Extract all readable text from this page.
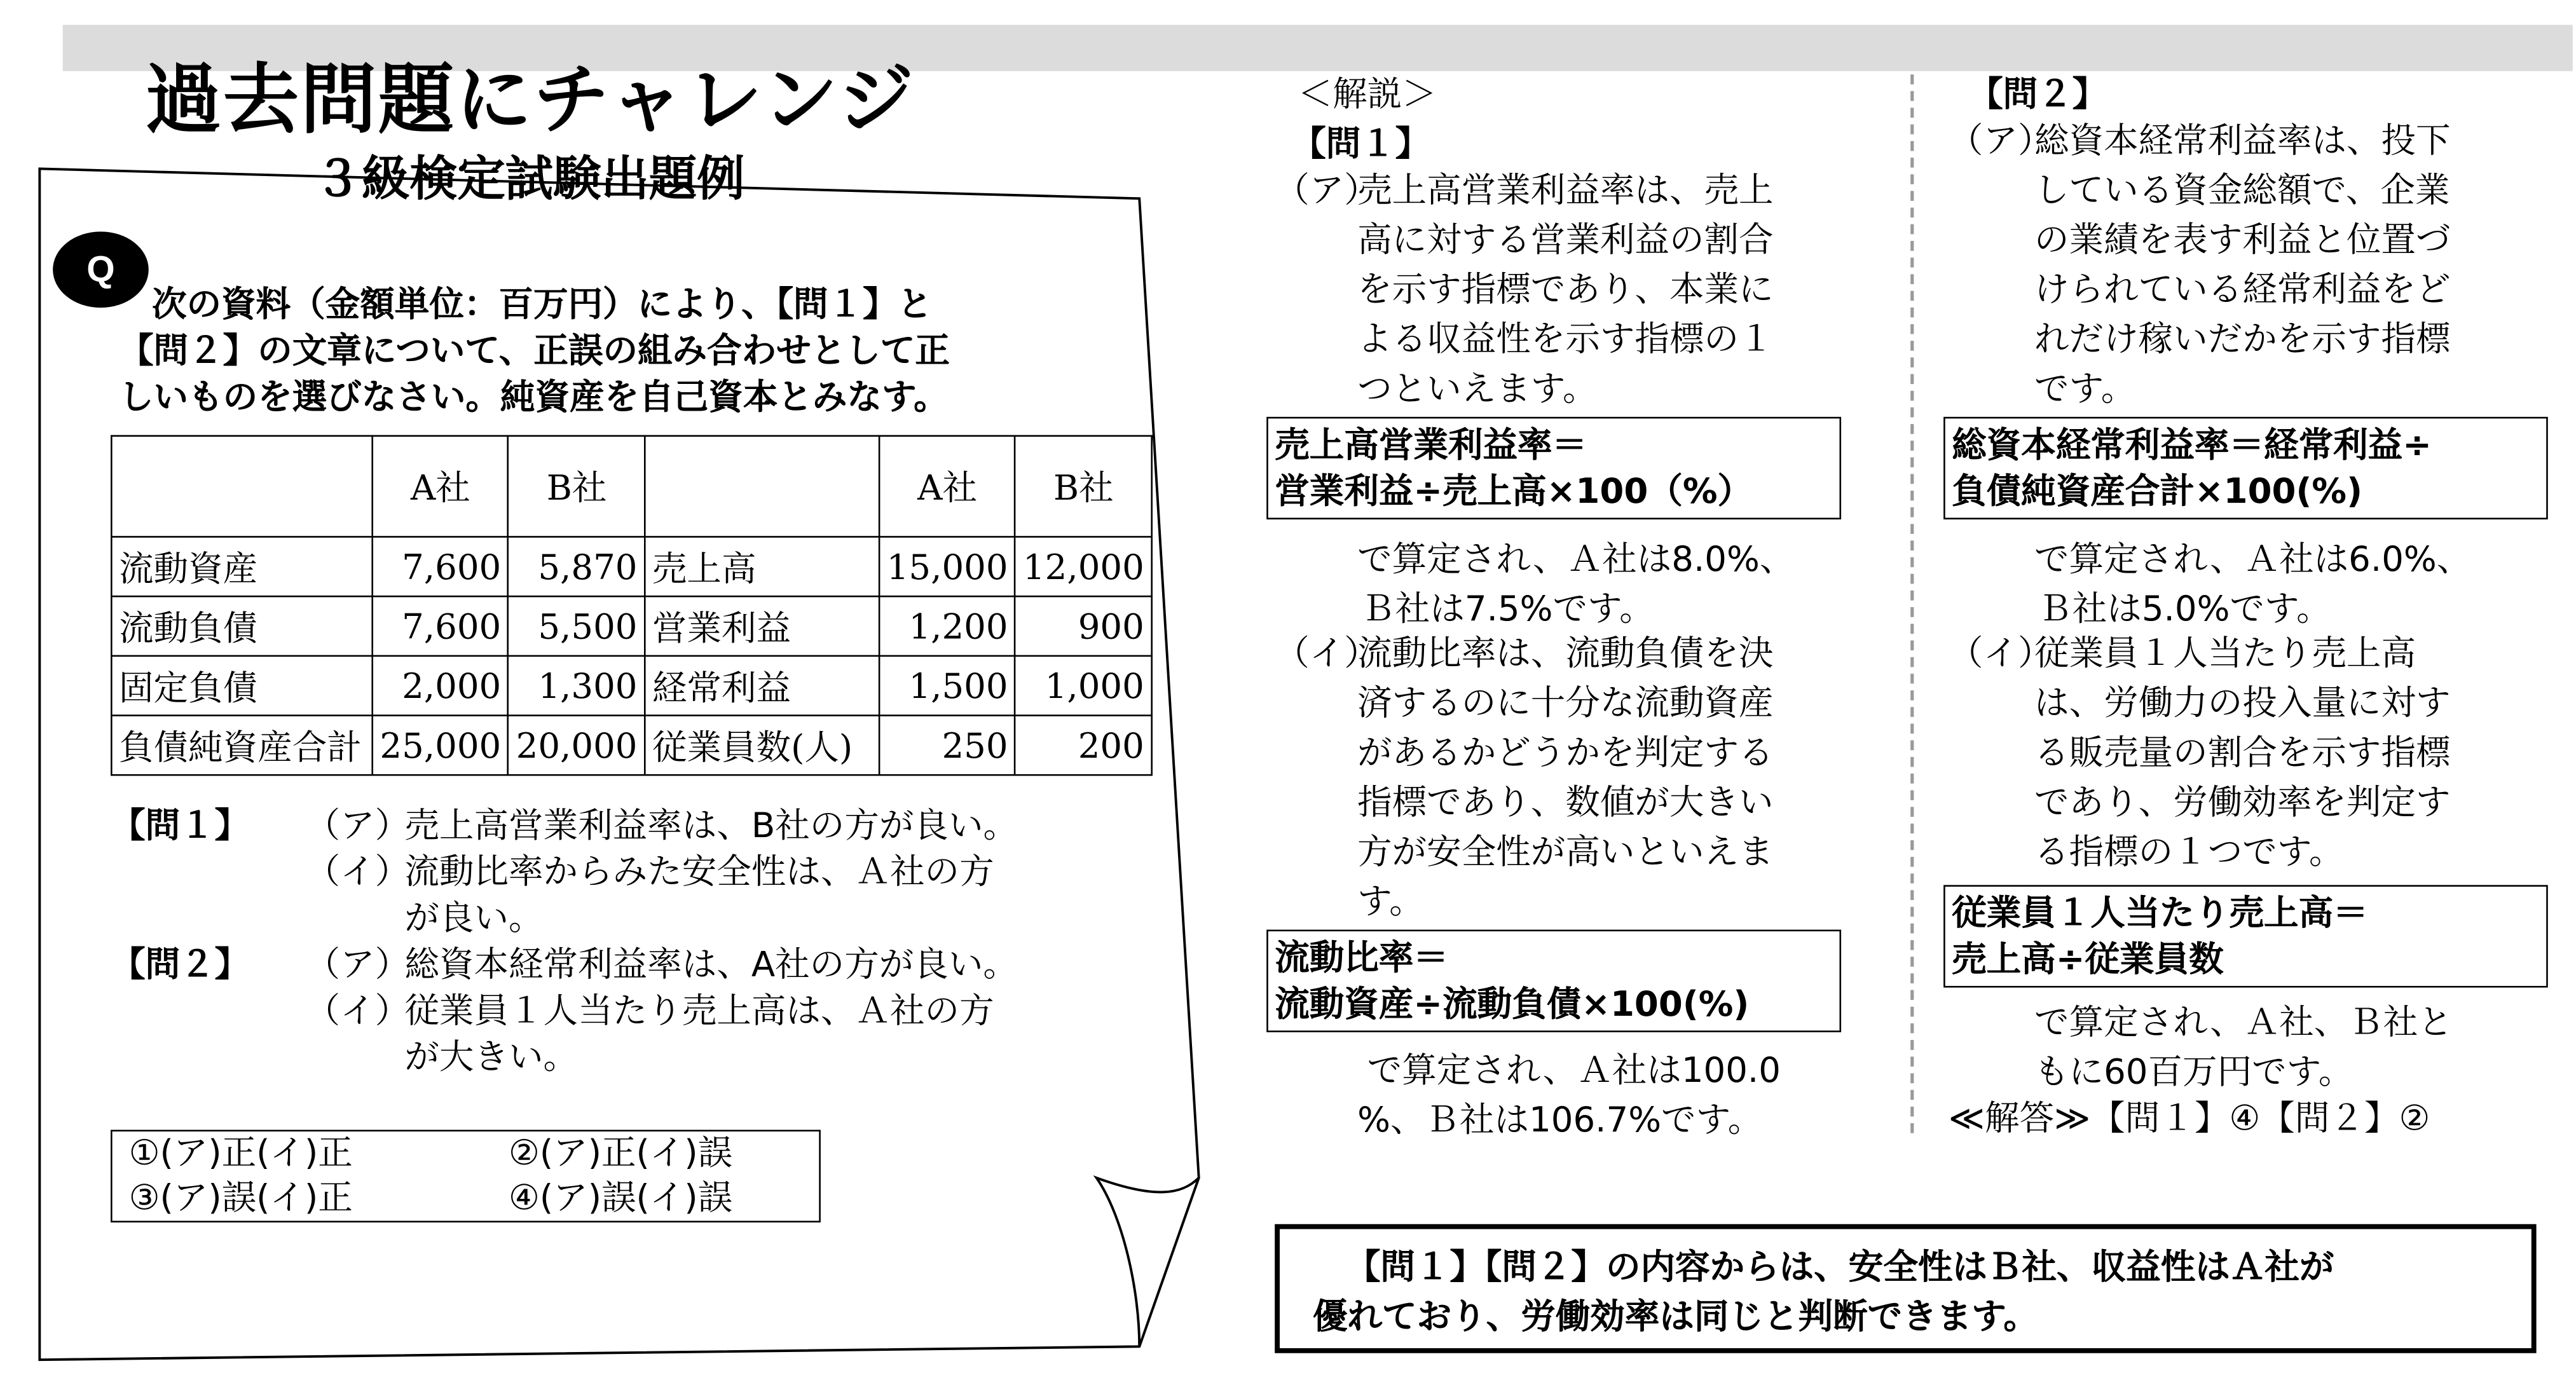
過去問題にチャレンジ
３級検定試験出題例
Q

次の資料（金額単位：百万円）により、【問１】と

【問２】の文章について、正誤の組み合わせとして正

しいものを選びなさい。純資産を自己資本とみなす。

	A社	B社		A社	B社
流動資産	7,600	5,870	売上高	15,000	12,000
流動負債	7,600	5,500	営業利益	1,200	900
固定負債	2,000	1,300	経常利益	1,500	1,000
負債純資産合計	25,000	20,000	従業員数(人)	250	200
【問１】	（ア）
売上高営業利益率は、B社の方が良い。
（イ）
流動比率からみた安全性は、Ａ社の方
が良い。
【問２】	（ア）
総資本経常利益率は、A社の方が良い。
（イ）
従業員１人当たり売上高は、Ａ社の方
が大きい。
①(ア)正(イ)正	②(ア)正(イ)誤
③(ア)誤(イ)正	④(ア)誤(イ)誤
＜解説＞
【問１】
（ア）

売上高営業利益率は、売上

高に対する営業利益の割合

を示す指標であり、本業に

よる収益性を示す指標の１

つといえます。

売上高営業利益率＝

営業利益÷売上高×100（%）

で算定され、Ａ社は8.0%、

Ｂ社は7.5%です。

（イ）

流動比率は、流動負債を決

済するのに十分な流動資産

があるかどうかを判定する

指標であり、数値が大きい

方が安全性が高いといえま

す。

流動比率＝

流動資産÷流動負債×100(%)

で算定され、Ａ社は100.0

%、Ｂ社は106.7%です。

【問２】
（ア）

総資本経常利益率は、投下

している資金総額で、企業

の業績を表す利益と位置づ

けられている経常利益をど

れだけ稼いだかを示す指標

です。

総資本経常利益率＝経常利益÷

負債純資産合計×100(%)

で算定され、Ａ社は6.0%、

Ｂ社は5.0%です。

（イ）

従業員１人当たり売上高

は、労働力の投入量に対す

る販売量の割合を示す指標

であり、労働効率を判定す

る指標の１つです。

従業員１人当たり売上高＝

売上高÷従業員数

で算定され、Ａ社、Ｂ社と

もに60百万円です。

≪解答≫【問１】④【問２】②

【問１】【問２】の内容からは、安全性はＢ社、収益性はＡ社が

優れており、労働効率は同じと判断できます。
